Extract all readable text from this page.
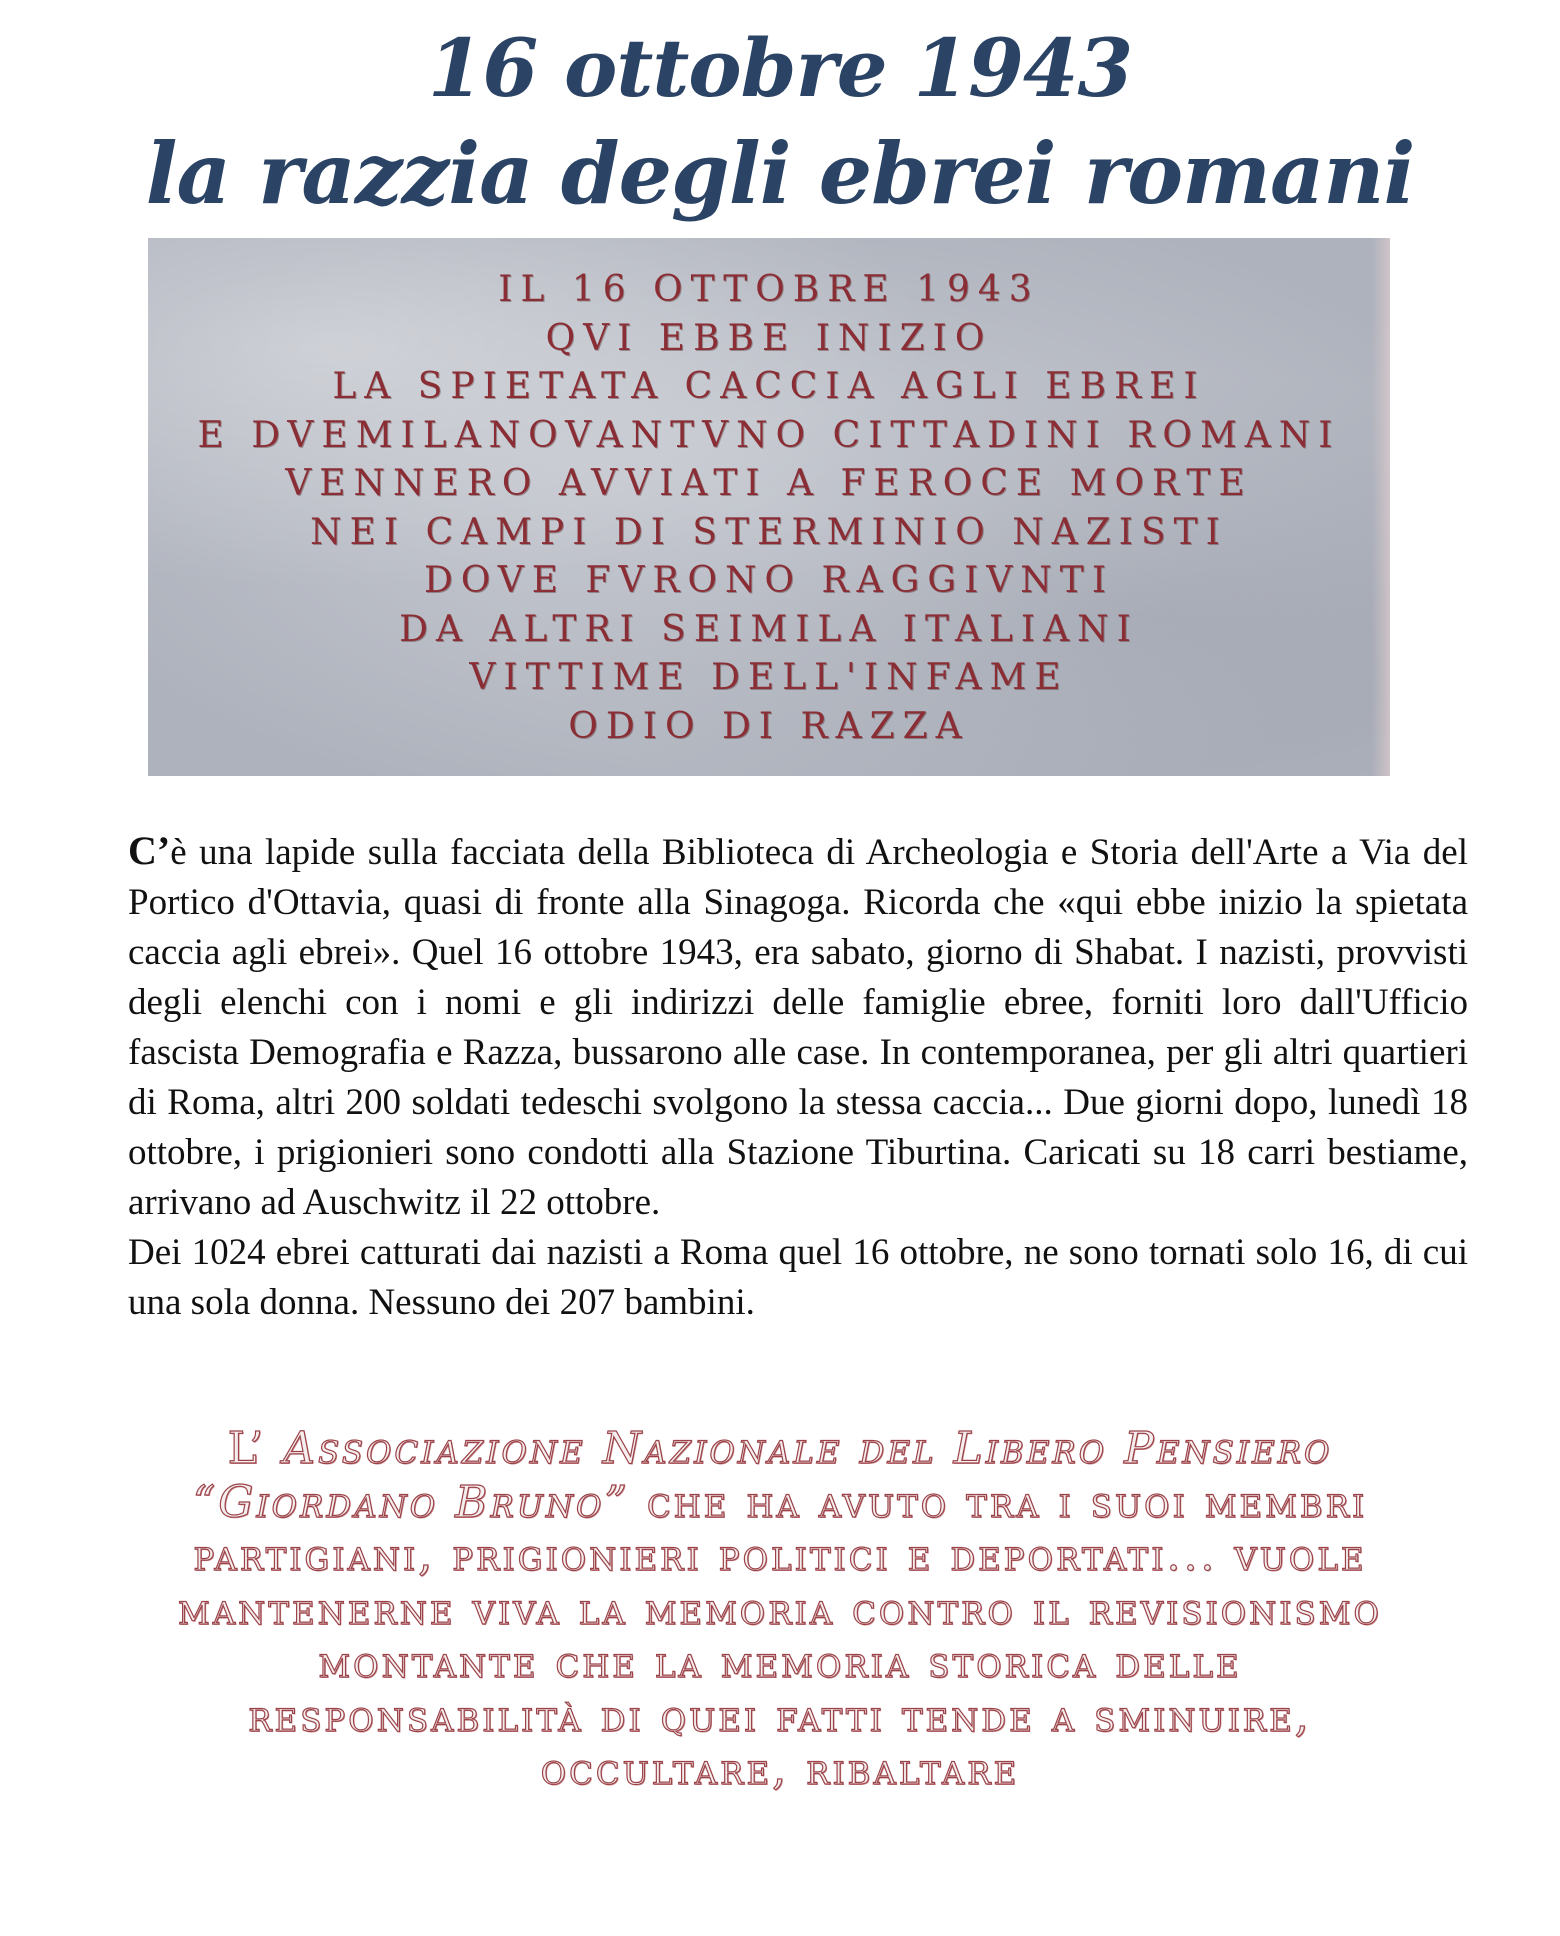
16 ottobre 1943
la razzia degli ebrei romani
IL 16 OTTOBRE 1943
QVI EBBE INIZIO
LA SPIETATA CACCIA AGLI EBREI
E DVEMILANOVANTVNO CITTADINI ROMANI
VENNERO AVVIATI A FEROCE MORTE
NEI CAMPI DI STERMINIO NAZISTI
DOVE FVRONO RAGGIVNTI
DA ALTRI SEIMILA ITALIANI
VITTIME DELL'INFAME
ODIO DI RAZZA

C’è una lapide sulla facciata della Biblioteca di Archeologia e Storia dell'Arte a Via del Portico d'Ottavia, quasi di fronte alla Sinagoga. Ricorda che «qui ebbe inizio la spietata caccia agli ebrei». Quel 16 ottobre 1943, era sabato, giorno di Shabat. I nazisti, provvisti degli elenchi con i nomi e gli indirizzi delle famiglie ebree, forniti loro dall'Ufficio fascista Demografia e Razza, bussarono alle case. In contemporanea, per gli altri quartieri di Roma, altri 200 soldati tedeschi svolgono la stessa caccia... Due giorni dopo, lunedì 18 ottobre, i prigionieri sono condotti alla Stazione Tiburtina. Caricati su 18 carri bestiame, arrivano ad Auschwitz il 22 ottobre.

Dei 1024 ebrei catturati dai nazisti a Roma quel 16 ottobre, ne sono tornati solo 16, di cui una sola donna. Nessuno dei 207 bambini.

L’ Associazione Nazionale del Libero Pensiero “Giordano Bruno” che ha avuto tra i suoi membri partigiani, prigionieri politici e deportati... vuole mantenerne viva la memoria contro il revisionismo montante che la memoria storica delle responsabilità di quei fatti tende a sminuire, occultare, ribaltare
